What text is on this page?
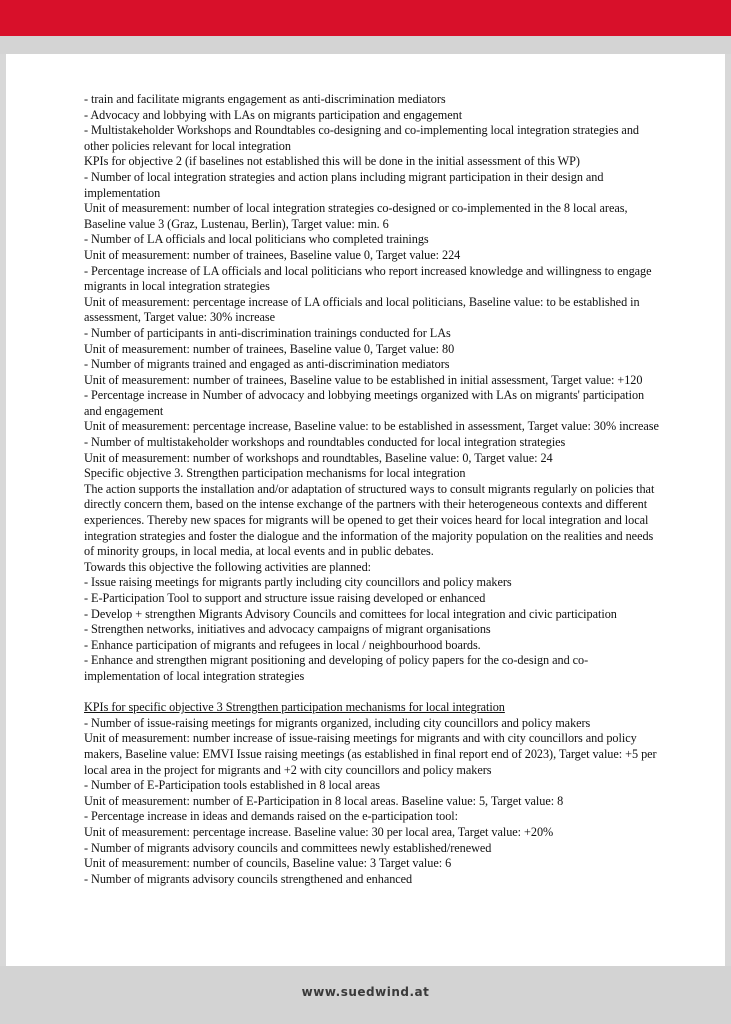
- train and facilitate migrants engagement as anti-discrimination mediators

- Advocacy and lobbying with LAs on migrants participation and engagement

- Multistakeholder Workshops and Roundtables co-designing and co-implementing local integration strategies and other policies relevant for local integration

KPIs for objective 2 (if baselines not established this will be done in the initial assessment of this WP)

- Number of local integration strategies and action plans including migrant participation in their design and implementation

Unit of measurement: number of local integration strategies co-designed or co-implemented in the 8 local areas, Baseline value 3 (Graz, Lustenau, Berlin), Target value: min. 6

- Number of LA officials and local politicians who completed trainings

Unit of measurement: number of trainees, Baseline value 0, Target value: 224

- Percentage increase of LA officials and local politicians who report increased knowledge and willingness to engage migrants in local integration strategies

Unit of measurement: percentage increase of LA officials and local politicians, Baseline value: to be established in assessment, Target value: 30% increase

- Number of participants in anti-discrimination trainings conducted for LAs

Unit of measurement: number of trainees, Baseline value 0, Target value: 80

- Number of migrants trained and engaged as anti-discrimination mediators

Unit of measurement: number of trainees, Baseline value to be established in initial assessment, Target value: +120

- Percentage increase in Number of advocacy and lobbying meetings organized with LAs on migrants' participation and engagement

Unit of measurement: percentage increase, Baseline value: to be established in assessment, Target value: 30% increase

- Number of multistakeholder workshops and roundtables conducted for local integration strategies

Unit of measurement: number of workshops and roundtables, Baseline value: 0, Target value: 24

Specific objective 3. Strengthen participation mechanisms for local integration

The action supports the installation and/or adaptation of structured ways to consult migrants regularly on policies that directly concern them, based on the intense exchange of the partners with their heterogeneous contexts and different experiences. Thereby new spaces for migrants will be opened to get their voices heard for local integration and local integration strategies and foster the dialogue and the information of the majority population on the realities and needs of minority groups, in local media, at local events and in public debates.

Towards this objective the following activities are planned:

- Issue raising meetings for migrants partly including city councillors and policy makers

- E-Participation Tool to support and structure issue raising developed or enhanced

- Develop + strengthen Migrants Advisory Councils and comittees for local integration and civic participation

- Strengthen networks, initiatives and advocacy campaigns of migrant organisations

- Enhance participation of migrants and refugees in local / neighbourhood boards.

- Enhance and strengthen migrant positioning and developing of policy papers for the co-design and co-implementation of local integration strategies

KPIs for specific objective 3 Strengthen participation mechanisms for local integration

- Number of issue-raising meetings for migrants organized, including city councillors and policy makers

Unit of measurement: number increase of issue-raising meetings for migrants and with city councillors and policy makers, Baseline value: EMVI Issue raising meetings (as established in final report end of 2023), Target value: +5 per local area in the project for migrants and +2 with city councillors and policy makers

- Number of E-Participation tools established in 8 local areas

Unit of measurement: number of E-Participation in 8 local areas. Baseline value: 5, Target value: 8

- Percentage increase in ideas and demands raised on the e-participation tool:

Unit of measurement: percentage increase. Baseline value: 30 per local area, Target value: +20%

- Number of migrants advisory councils and committees newly established/renewed

Unit of measurement: number of councils, Baseline value: 3 Target value: 6

- Number of migrants advisory councils strengthened and enhanced

www.suedwind.at
